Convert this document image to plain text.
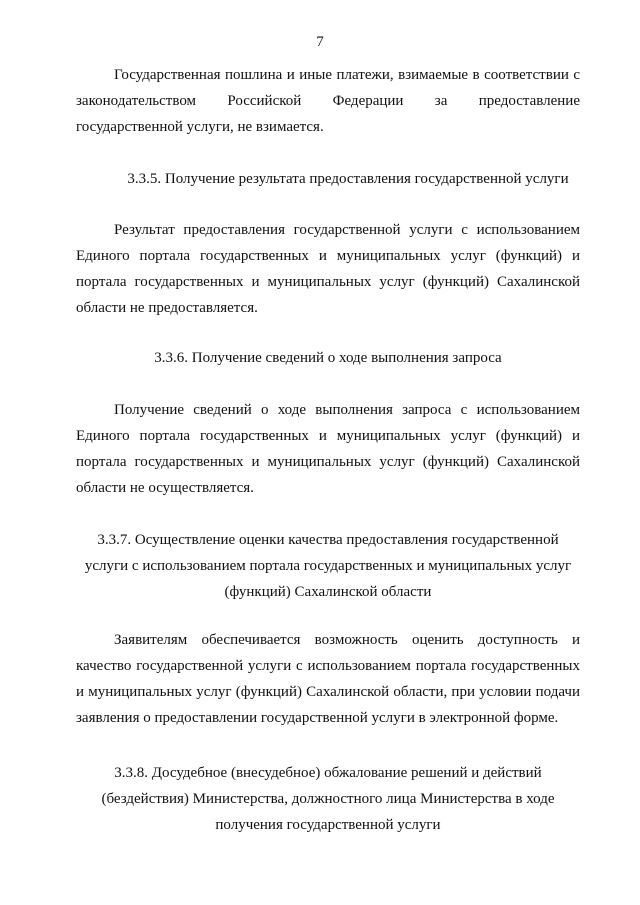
7

Государственная пошлина и иные платежи, взимаемые в соответствии с
законодательством Российской Федерации за предоставление
государственной услуги, не взимается.

3.3.5. Получение результата предоставления государственной услуги

Результат предоставления государственной услуги с использованием
Единого портала государственных и муниципальных услуг (функций) и
портала государственных и муниципальных услуг (функций) Сахалинской
области не предоставляется.

3.3.6. Получение сведений о ходе выполнения запроса

Получение сведений о ходе выполнения запроса с использованием
Единого портала государственных и муниципальных услуг (функций) и
портала государственных и муниципальных услуг (функций) Сахалинской
области не осуществляется.

3.3.7. Осуществление оценки качества предоставления государственной
услуги с использованием портала государственных и муниципальных услуг
(функций) Сахалинской области

Заявителям обеспечивается возможность оценить доступность и
качество государственной услуги с использованием портала государственных
и муниципальных услуг (функций) Сахалинской области, при условии подачи
заявления о предоставлении государственной услуги в электронной форме.

3.3.8. Досудебное (внесудебное) обжалование решений и действий
(бездействия) Министерства, должностного лица Министерства в ходе
получения государственной услуги
